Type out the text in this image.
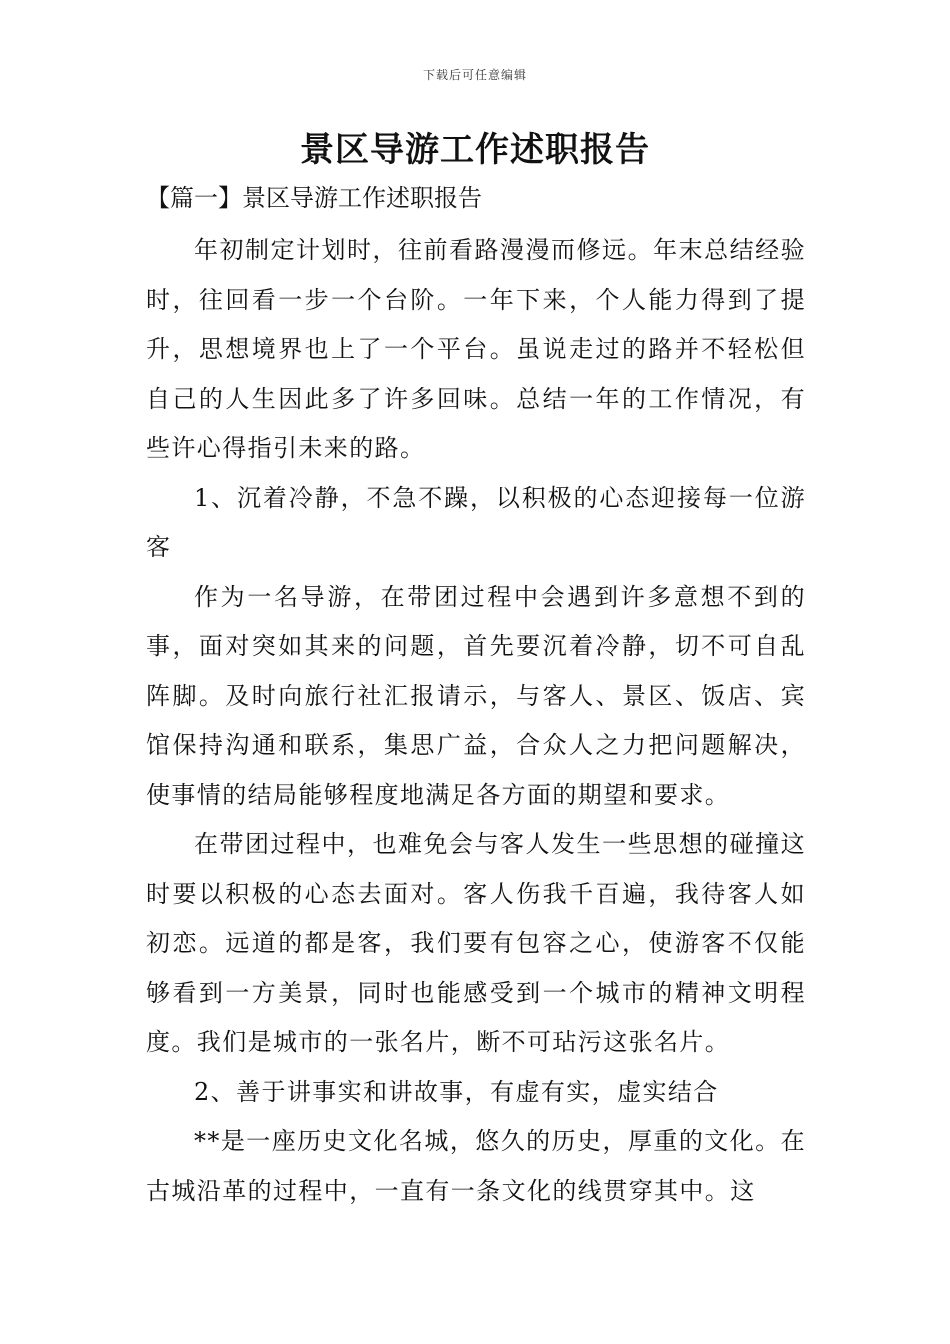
下载后可任意编辑
景区导游工作述职报告

【篇一】景区导游工作述职报告

年初制定计划时，往前看路漫漫而修远。年末总结经验时，往回看一步一个台阶。一年下来，个人能力得到了提升，思想境界也上了一个平台。虽说走过的路并不轻松但自己的人生因此多了许多回味。总结一年的工作情况，有些许心得指引未来的路。

1、沉着冷静，不急不躁，以积极的心态迎接每一位游客

作为一名导游，在带团过程中会遇到许多意想不到的事，面对突如其来的问题，首先要沉着冷静，切不可自乱阵脚。及时向旅行社汇报请示，与客人、景区、饭店、宾馆保持沟通和联系，集思广益，合众人之力把问题解决，使事情的结局能够程度地满足各方面的期望和要求。

在带团过程中，也难免会与客人发生一些思想的碰撞这时要以积极的心态去面对。客人伤我千百遍，我待客人如初恋。远道的都是客，我们要有包容之心，使游客不仅能够看到一方美景，同时也能感受到一个城市的精神文明程度。我们是城市的一张名片，断不可玷污这张名片。

2、善于讲事实和讲故事，有虚有实，虚实结合

**是一座历史文化名城，悠久的历史，厚重的文化。在古城沿革的过程中，一直有一条文化的线贯穿其中。这
